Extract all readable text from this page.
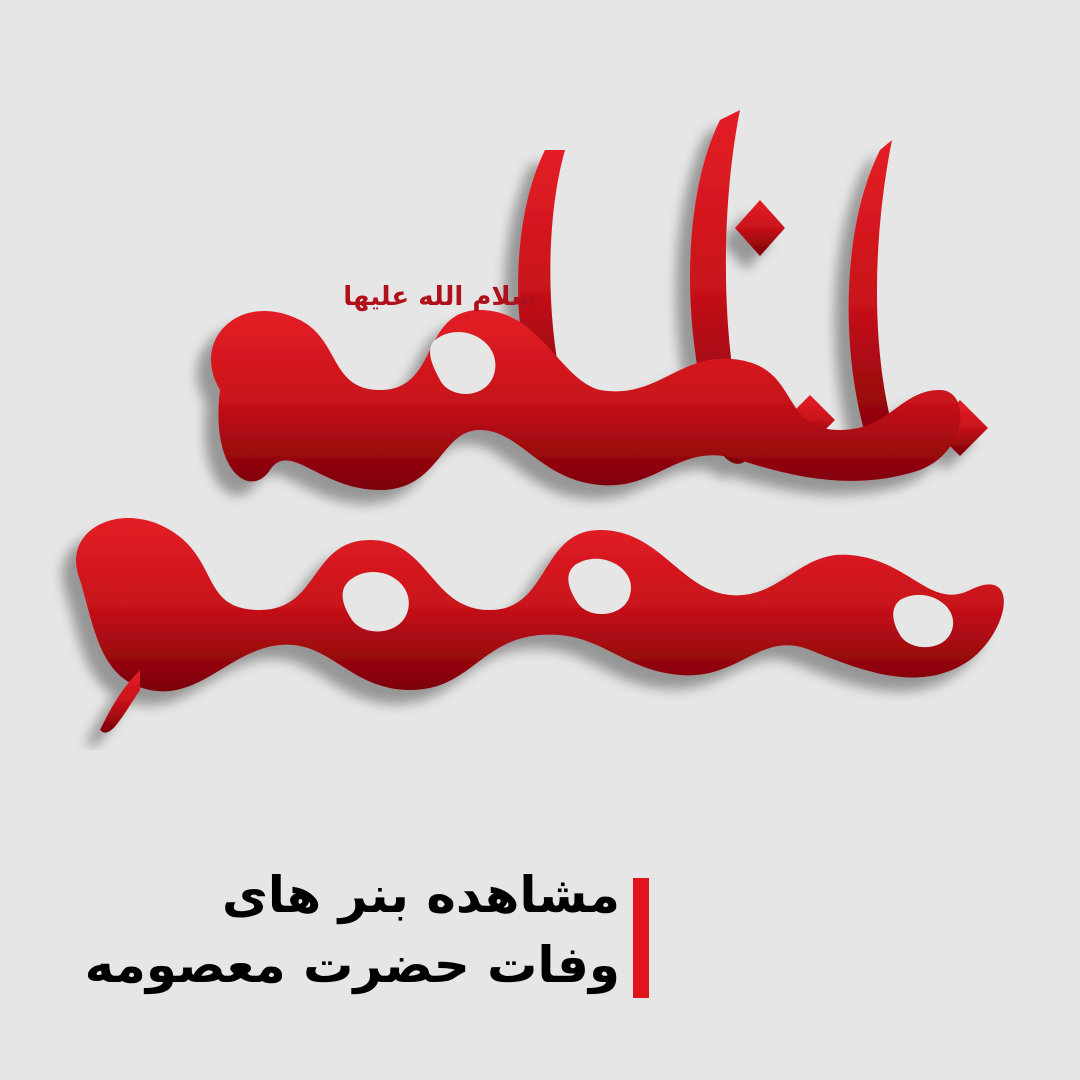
سلام الله علیها
مشاهده بنر های
وفات حضرت معصومه
